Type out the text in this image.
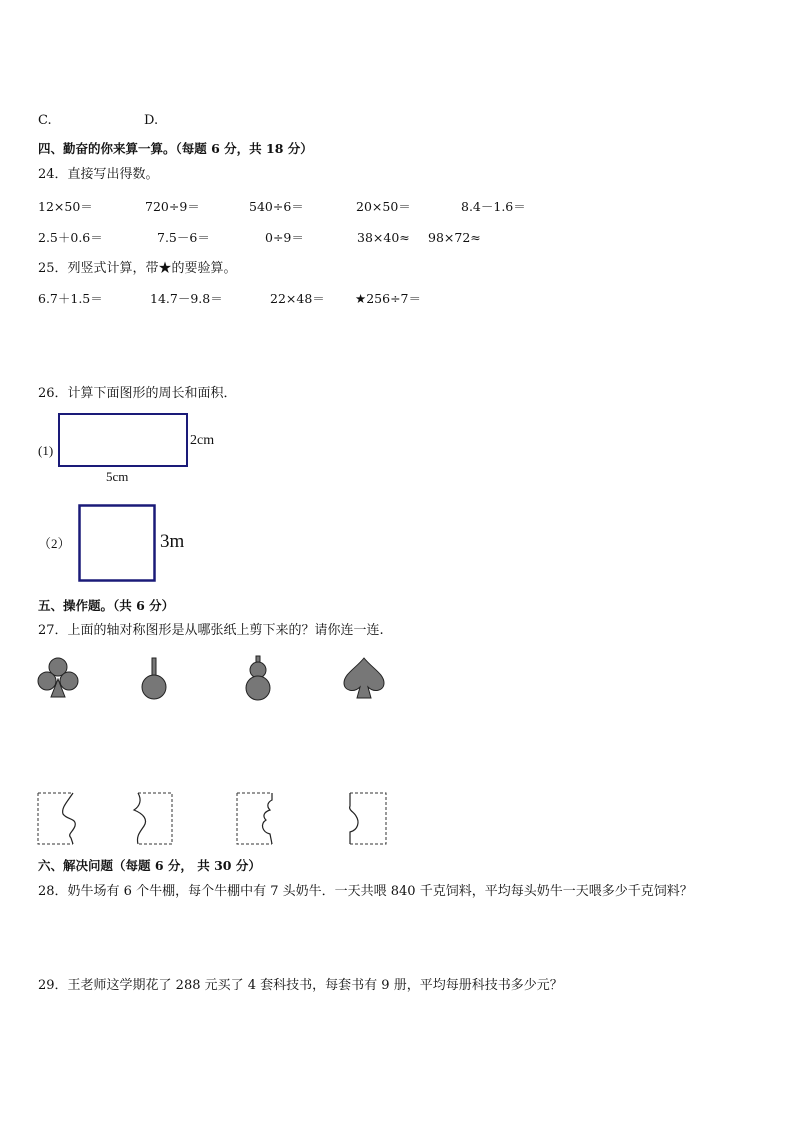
C.	D.
四、勤奋的你来算一算。（每题 6 分，共 18 分）
24．直接写出得数。
12×50＝	720÷9＝	540÷6＝	20×50＝	8.4－1.6＝
2.5＋0.6＝	7.5－6＝	0÷9＝	38×40≈ 98×72≈
25．列竖式计算，带★的要验算。
6.7＋1.5＝	14.7－9.8＝	22×48＝ ★256÷7＝
26．计算下面图形的周长和面积．
(1)
2cm
5cm
（2）	3m
五、操作题。（共 6 分）
27．上面的轴对称图形是从哪张纸上剪下来的？请你连一连.
六、解决问题（每题 6 分， 共 30 分）
28．奶牛场有 6 个牛棚，每个牛棚中有 7 头奶牛．一天共喂 840 千克饲料，平均每头奶牛一天喂多少千克饲料？
29．王老师这学期花了 288 元买了 4 套科技书，每套书有 9 册，平均每册科技书多少元？
